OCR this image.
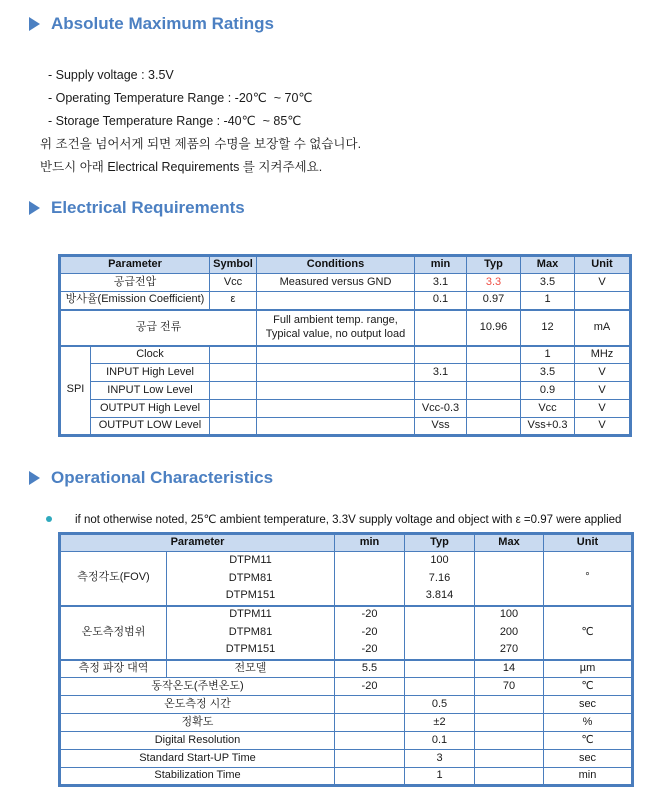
Absolute Maximum Ratings
- Supply voltage : 3.5V
- Operating Temperature Range : -20℃  ~ 70℃
- Storage Temperature Range : -40℃  ~ 85℃
위 조건을 넘어서게 되면 제품의 수명을 보장할 수 없습니다.
반드시 아래 Electrical Requirements 를 지켜주세요.
Electrical Requirements
Parameter		Symbol	Conditions	min	Typ	Max	Unit
공급전압		Vcc	Measured versus GND	3.1	3.3	3.5	V
방사율(Emission Coefficient)		ε		0.1	0.97	1	
공급 전류			Full ambient temp. range,
Typical value, no output load		10.96	12	mA
SPI	Clock					1	MHz
	INPUT High Level			3.1		3.5	V
	INPUT Low Level					0.9	V
	OUTPUT High Level			Vcc-0.3		Vcc	V
	OUTPUT LOW Level			Vss		Vss+0.3	V
Operational Characteristics
if not otherwise noted, 25℃ ambient temperature, 3.3V supply voltage and object with ε =0.97 were applied
Parameter		min	Typ	Max	Unit
측정각도(FOV)	DTPM11		100		°
	DTPM81		7.16		
	DTPM151		3.814		
온도측정범위	DTPM11	-20		100	℃
	DTPM81	-20		200	
	DTPM151	-20		270	
측정 파장 대역	전모델	5.5		14	µm
동작온도(주변온도)		-20		70	℃
온도측정 시간			0.5		sec
정확도			±2		%
Digital Resolution			0.1		℃
Standard Start-UP Time			3		sec
Stabilization Time			1		min
